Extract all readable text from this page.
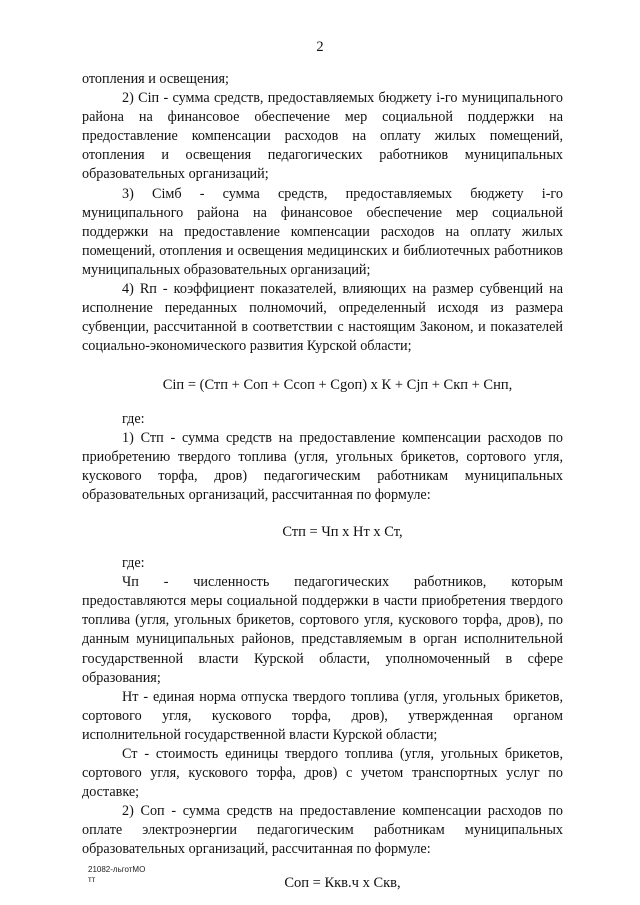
2

отопления и освещения;

2) Сiп - сумма средств, предоставляемых бюджету i-го муниципального района на финансовое обеспечение мер социальной поддержки на предоставление компенсации расходов на оплату жилых помещений, отопления и освещения педагогических работников муниципальных образовательных организаций;

3) Сiмб - сумма средств, предоставляемых бюджету i-го муниципального района на финансовое обеспечение мер социальной поддержки на предоставление компенсации расходов на оплату жилых помещений, отопления и освещения медицинских и библиотечных работников муниципальных образовательных организаций;

4) Rп - коэффициент показателей, влияющих на размер субвенций на исполнение переданных полномочий, определенный исходя из размера субвенции, рассчитанной в соответствии с настоящим Законом, и показателей социально-экономического развития Курской области;

Сiп = (Стп + Соп + Ссоп + Сgоп) х К + Сjп + Скп + Снп,

где:

1) Стп - сумма средств на предоставление компенсации расходов по приобретению твердого топлива (угля, угольных брикетов, сортового угля, кускового торфа, дров) педагогическим работникам муниципальных образовательных организаций, рассчитанная по формуле:

Стп = Чп х Нт х Ст,

где:

Чп - численность педагогических работников, которым предоставляются меры социальной поддержки в части приобретения твердого топлива (угля, угольных брикетов, сортового угля, кускового торфа, дров), по данным муниципальных районов, представляемым в орган исполнительной государственной власти Курской области, уполномоченный в сфере образования;

Нт - единая норма отпуска твердого топлива (угля, угольных брикетов, сортового угля, кускового торфа, дров), утвержденная органом исполнительной государственной власти Курской области;

Ст - стоимость единицы твердого топлива (угля, угольных брикетов, сортового угля, кускового торфа, дров) с учетом транспортных услуг по доставке;

2) Соп - сумма средств на предоставление компенсации расходов по оплате электроэнергии педагогическим работникам муниципальных образовательных организаций, рассчитанная по формуле:

Соп = Ккв.ч х Скв,

21082-льготМО
тт
